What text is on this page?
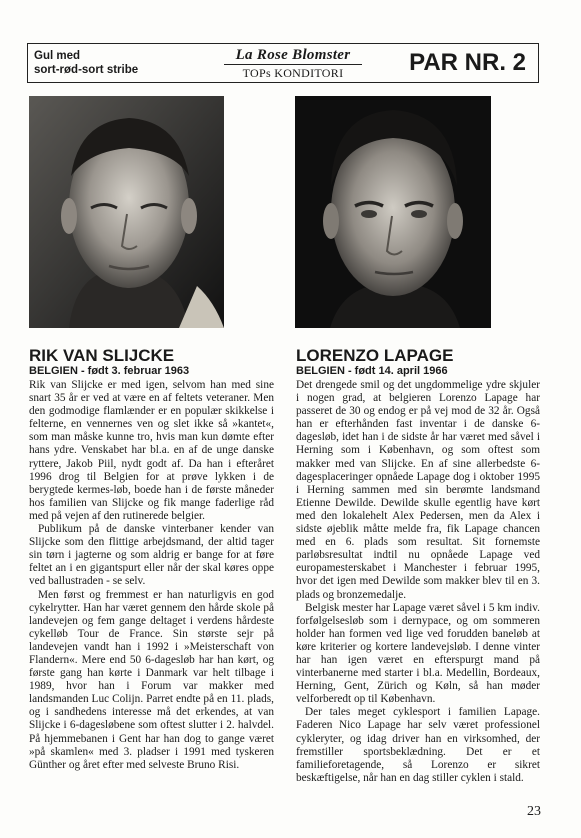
Gul med
sort-rød-sort stribe
La Rose Blomster
TOPs KONDITORI	PAR NR. 2
RIK VAN SLIJCKE
BELGIEN - født 3. februar 1963
LORENZO LAPAGE
BELGIEN - født 14. april 1966

Rik van Slijcke er med igen, selvom han med sine snart 35 år er ved at være en af feltets veteraner. Men den godmodige flamlænder er en populær skikkelse i felterne, en vennernes ven og slet ikke så »kantet«, som man måske kunne tro, hvis man kun dømte efter hans ydre. Venskabet har bl.a. en af de unge danske ryttere, Jakob Piil, nydt godt af. Da han i efteråret 1996 drog til Belgien for at prøve lykken i de berygtede kermes-løb, boede han i de første måneder hos familien van Slijcke og fik mange faderlige råd med på vejen af den rutinerede belgier.

Publikum på de danske vinterbaner kender van Slijcke som den flittige arbejdsmand, der altid tager sin tørn i jagterne og som aldrig er bange for at føre feltet an i en gigantspurt eller når der skal køres oppe ved ballustraden - se selv.

Men først og fremmest er han naturligvis en god cykelrytter. Han har været gennem den hårde skole på landevejen og fem gange deltaget i verdens hårdeste cykelløb Tour de France. Sin største sejr på landevejen vandt han i 1992 i »Meisterschaft von Flandern«. Mere end 50 6-dagesløb har han kørt, og første gang han kørte i Danmark var helt tilbage i 1989, hvor han i Forum var makker med landsmanden Luc Colijn. Parret endte på en 11. plads, og i sandhedens interesse må det erkendes, at van Slijcke i 6-dagesløbene som oftest slutter i 2. halvdel. På hjemmebanen i Gent har han dog to gange været »på skamlen« med 3. pladser i 1991 med tyskeren Günther og året efter med selveste Bruno Risi.

Det drengede smil og det ungdommelige ydre skjuler i nogen grad, at belgieren Lorenzo Lapage har passeret de 30 og endog er på vej mod de 32 år. Også han er efterhånden fast inventar i de danske 6-dagesløb, idet han i de sidste år har været med såvel i Herning som i København, og som oftest som makker med van Slijcke. En af sine allerbedste 6-dagesplaceringer opnåede Lapage dog i oktober 1995 i Herning sammen med sin berømte landsmand Etienne Dewilde. Dewilde skulle egentlig have kørt med den lokalehelt Alex Pedersen, men da Alex i sidste øjeblik måtte melde fra, fik Lapage chancen med en 6. plads som resultat. Sit fornemste parløbsresultat indtil nu opnåede Lapage ved europamesterskabet i Manchester i februar 1995, hvor det igen med Dewilde som makker blev til en 3. plads og bronzemedalje.

Belgisk mester har Lapage været såvel i 5 km indiv. forfølgelsesløb som i dernypace, og om sommeren holder han formen ved lige ved forudden baneløb at køre kriterier og kortere landevejsløb. I denne vinter har han igen været en efterspurgt mand på vinterbanerne med starter i bl.a. Medellin, Bordeaux, Herning, Gent, Zürich og Køln, så han møder velforberedt op til København.

Der tales meget cyklesport i familien Lapage. Faderen Nico Lapage har selv været professionel cykleryter, og idag driver han en virksomhed, der fremstiller sportsbeklædning. Det er et familieforetagende, så Lorenzo er sikret beskæftigelse, når han en dag stiller cyklen i stald.

23
